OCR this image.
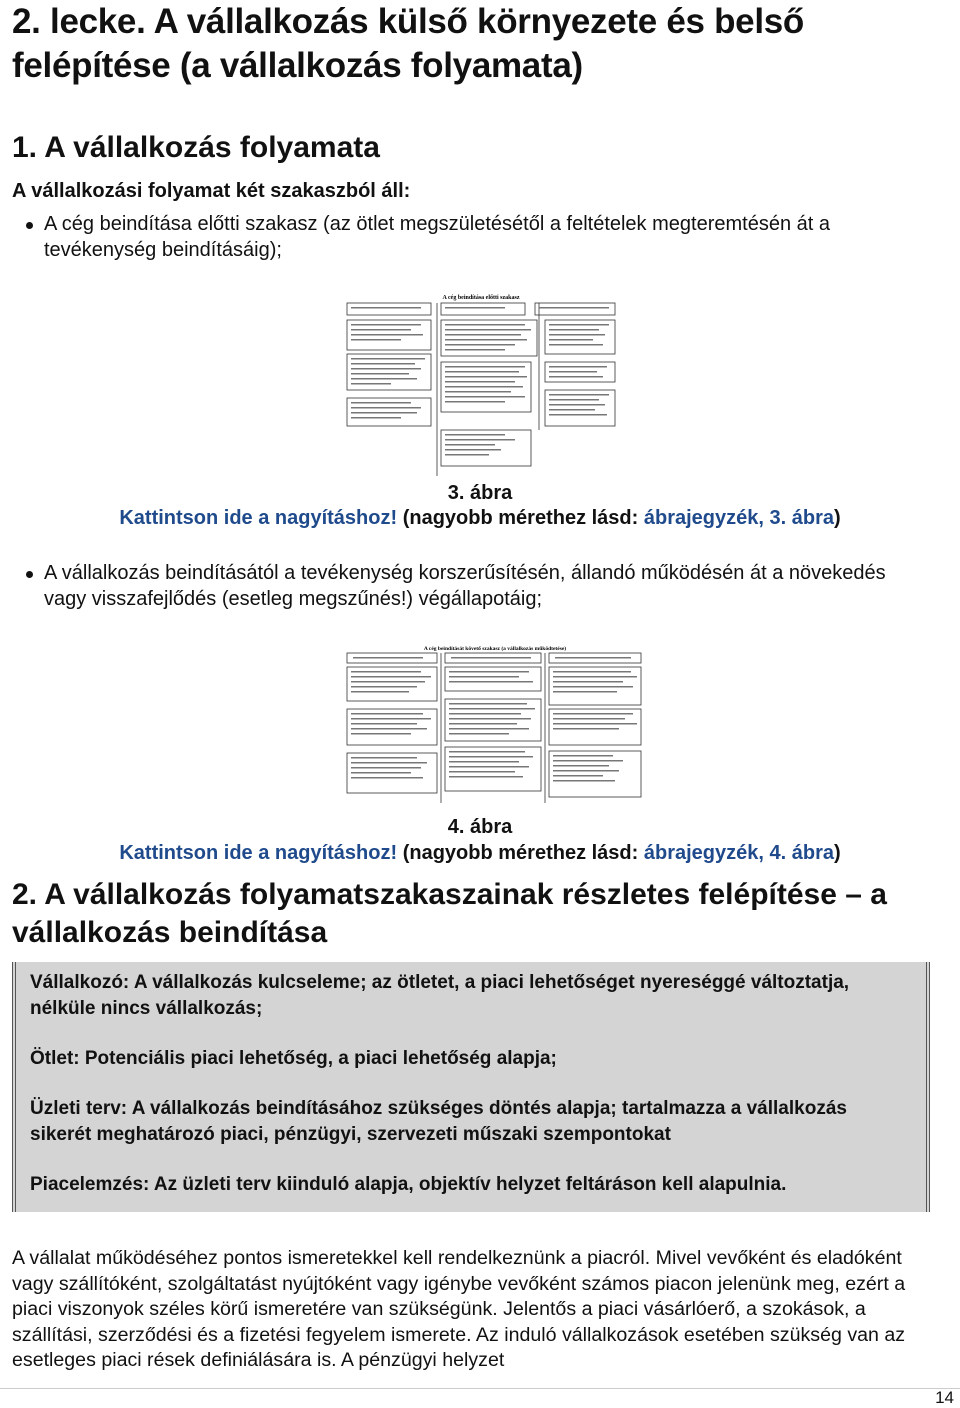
2. lecke. A vállalkozás külső környezete és belső felépítése (a vállalkozás folyamata)
1. A vállalkozás folyamata
A vállalkozási folyamat két szakaszból áll:
A cég beindítása előtti szakasz (az ötlet megszületésétől a feltételek megteremtésén át a tevékenység beindításáig);
A cég beindítása előtti szakasz
3. ábra
Kattintson ide a nagyításhoz! (nagyobb mérethez lásd: ábrajegyzék, 3. ábra)
A vállalkozás beindításától a tevékenység korszerűsítésén, állandó működésén át a növekedés vagy visszafejlődés (esetleg megszűnés!) végállapotáig;
A cég beindítását követő szakasz (a vállalkozás működtetése)
4. ábra
Kattintson ide a nagyításhoz! (nagyobb mérethez lásd: ábrajegyzék, 4. ábra)
2. A vállalkozás folyamatszakaszainak részletes felépítése – a vállalkozás beindítása

Vállalkozó: A vállalkozás kulcseleme; az ötletet, a piaci lehetőséget nyereséggé változtatja, nélküle nincs vállalkozás;

Ötlet: Potenciális piaci lehetőség, a piaci lehetőség alapja;

Üzleti terv: A vállalkozás beindításához szükséges döntés alapja; tartalmazza a vállalkozás sikerét meghatározó piaci, pénzügyi, szervezeti műszaki szempontokat

Piacelemzés: Az üzleti terv kiinduló alapja, objektív helyzet feltáráson kell alapulnia.

A vállalat működéséhez pontos ismeretekkel kell rendelkeznünk a piacról. Mivel vevőként és eladóként vagy szállítóként, szolgáltatást nyújtóként vagy igénybe vevőként számos piacon jelenünk meg, ezért a piaci viszonyok széles körű ismeretére van szükségünk. Jelentős a piaci vásárlóerő, a szokások, a szállítási, szerződési és a fizetési fegyelem ismerete. Az induló vállalkozások esetében szükség van az esetleges piaci rések definiálására is. A pénzügyi helyzet

14
